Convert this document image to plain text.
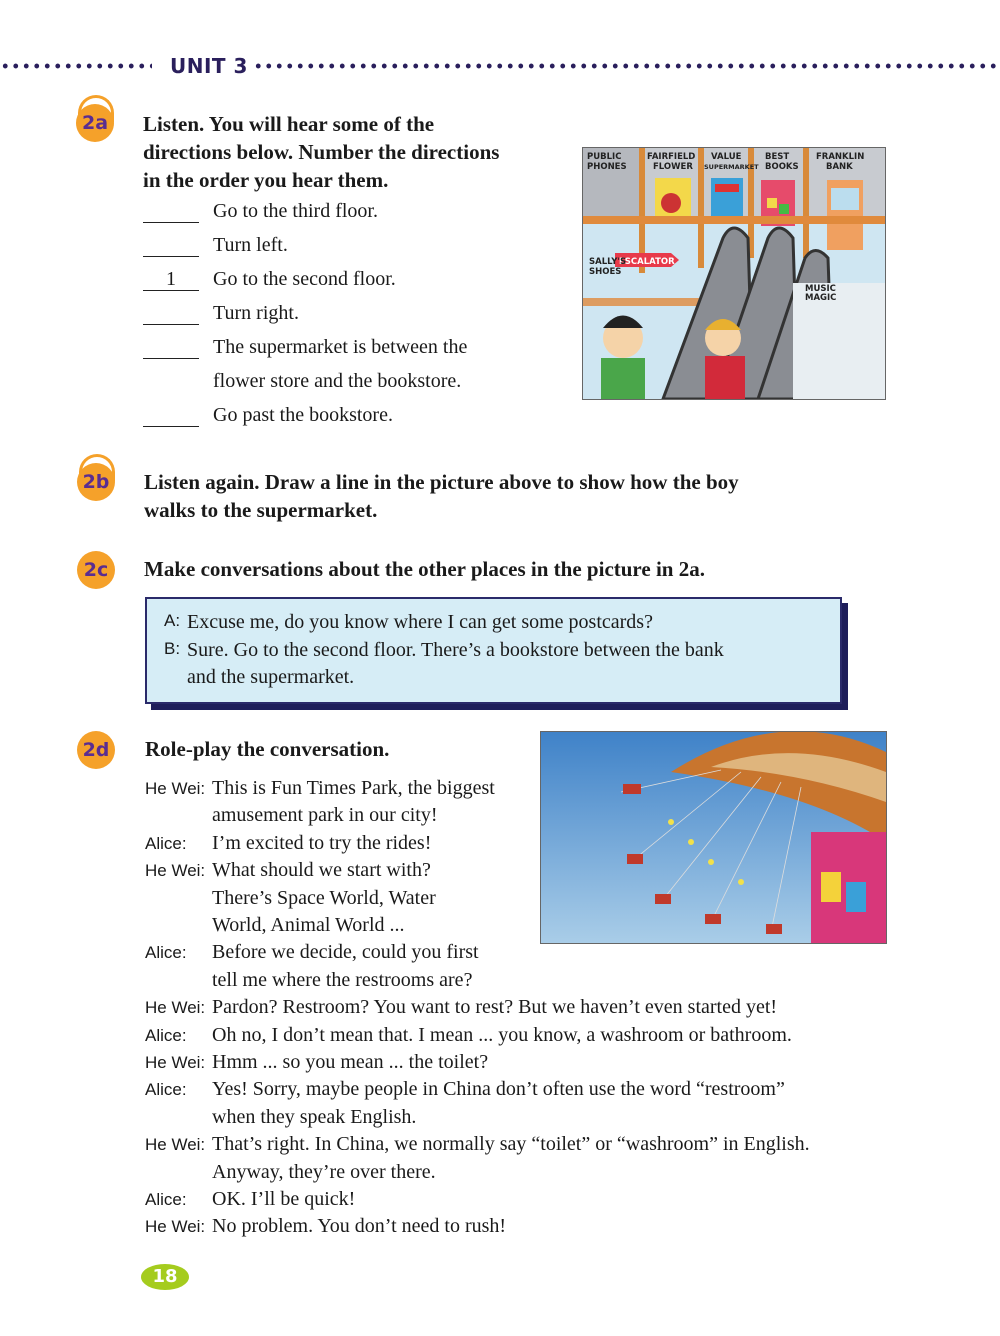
UNIT 3
2a Listen. You will hear some of the
directions below. Number the directions
in the order you hear them.
Go to the third floor.
Turn left.
1 Go to the second floor.
Turn right.
The supermarket is between the
flower store and the bookstore.
Go past the bookstore.
PUBLIC
PHONES
FAIRFIELD
FLOWER
VALUE
SUPERMARKET
BEST
BOOKS
FRANKLIN
BANK
ESCALATOR
SALLY'S
SHOES
MUSIC
MAGIC
2b Listen again. Draw a line in the picture above to show how the boy
walks to the supermarket.
2c	Make conversations about the other places in the picture in 2a.
A: Excuse me, do you know where I can get some postcards?
B: Sure. Go to the second floor. There’s a bookstore between the bank
and the supermarket.
2d Role-play the conversation.
He Wei: This is Fun Times Park, the biggest
amusement park in our city!
Alice: I’m excited to try the rides!
He Wei: What should we start with?
There’s Space World, Water
World, Animal World ...
Alice: Before we decide, could you first
tell me where the restrooms are?
He Wei: Pardon? Restroom? You want to rest? But we haven’t even started yet!
Alice: Oh no, I don’t mean that. I mean ... you know, a washroom or bathroom.
He Wei: Hmm ... so you mean ... the toilet?
Alice: Yes! Sorry, maybe people in China don’t often use the word “restroom”
when they speak English.
He Wei: That’s right. In China, we normally say “toilet” or “washroom” in English.
Anyway, they’re over there.
Alice: OK. I’ll be quick!
He Wei: No problem. You don’t need to rush!
18
